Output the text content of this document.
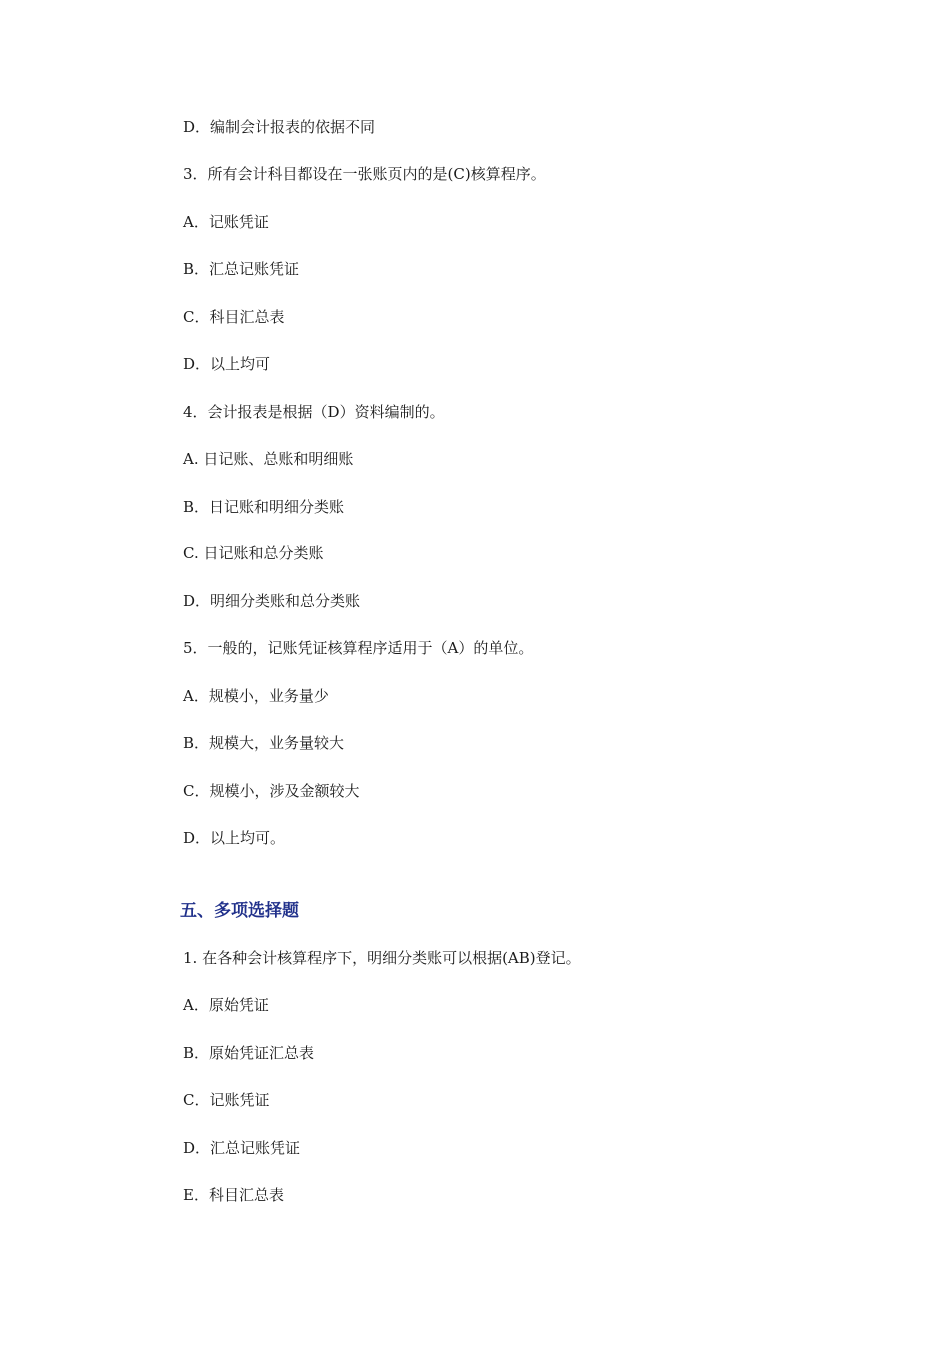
D．编制会计报表的依据不同
3．所有会计科目都设在一张账页内的是(C)核算程序。
A．记账凭证
B．汇总记账凭证
C．科目汇总表
D．以上均可
4．会计报表是根据（D）资料编制的。
A. 日记账、总账和明细账
B．日记账和明细分类账
C. 日记账和总分类账
D．明细分类账和总分类账
5．一般的，记账凭证核算程序适用于（A）的单位。
A．规模小，业务量少
B．规模大，业务量较大
C．规模小，涉及金额较大
D．以上均可。
五、多项选择题
1. 在各种会计核算程序下，明细分类账可以根据(AB)登记。
A．原始凭证
B．原始凭证汇总表
C．记账凭证
D．汇总记账凭证
E．科目汇总表
